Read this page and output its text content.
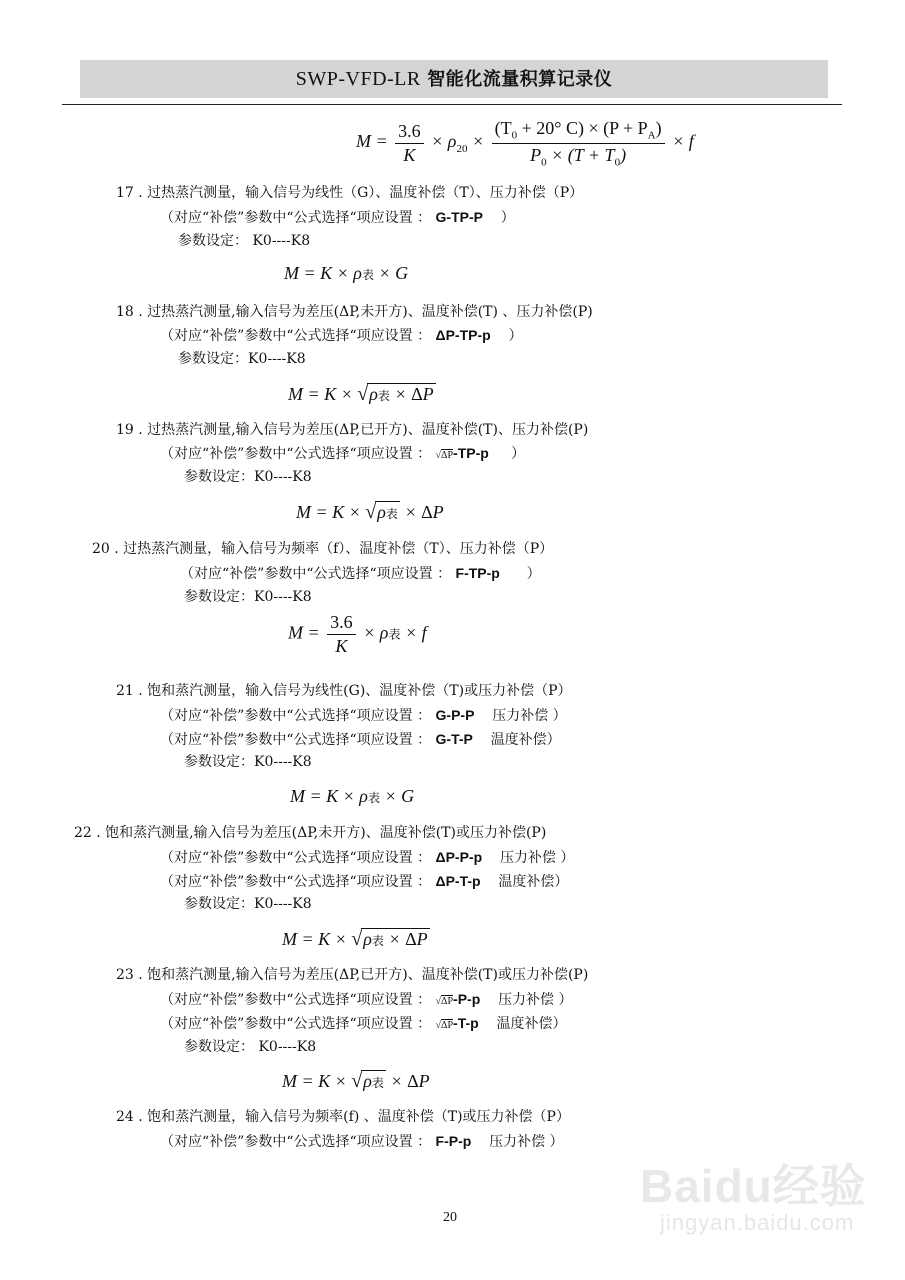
SWP-VFD-LR 智能化流量积算记录仪
$M = \frac{3.6}{K} \times \rho_{20} \times \frac{(T_0 + 20^\circ C) \times (P + P_A)}{P_0 \times (T + T_0)} \times f$
17 . 过热蒸汽测量，输入信号为线性（G）、温度补偿（T）、压力补偿（P）
（对应“补偿”参数中“公式选择“项应设置 ： G-TP-P ）
参数设定： K0----K8
M = K × ρ表 × G
18 . 过热蒸汽测量,输入信号为差压(ΔP,未开方)、温度补偿(T) 、压力补偿(P)
（对应“补偿”参数中“公式选择“项应设置 ： ΔP-TP-p ）
参数设定：K0----K8
M = K × √ρ表 × ΔP
19 . 过热蒸汽测量,输入信号为差压(ΔP,已开方)、温度补偿(T)、压力补偿(P)
（对应“补偿”参数中“公式选择“项应设置 ： √ΔP-TP-p ）
参数设定：K0----K8
M = K × √ρ表 × ΔP
20 . 过热蒸汽测量，输入信号为频率（f）、温度补偿（T）、压力补偿（P）
（对应“补偿”参数中“公式选择“项应设置 ： F-TP-p ）
参数设定：K0----K8
$M = \frac{3.6}{K} \times \rho$表 × f
21 . 饱和蒸汽测量，输入信号为线性(G)、温度补偿（T)或压力补偿（P）
（对应“补偿”参数中“公式选择“项应设置 ： G-P-P 压力补偿 ）
（对应“补偿”参数中“公式选择“项应设置 ： G-T-P 温度补偿）
参数设定：K0----K8
M = K × ρ表 × G
22 . 饱和蒸汽测量,输入信号为差压(ΔP,未开方)、温度补偿(T)或压力补偿(P)
（对应“补偿”参数中“公式选择“项应设置 ： ΔP-P-p 压力补偿 ）
（对应“补偿”参数中“公式选择“项应设置 ： ΔP-T-p 温度补偿）
参数设定：K0----K8
M = K × √ρ表 × ΔP
23 . 饱和蒸汽测量,输入信号为差压(ΔP,已开方)、温度补偿(T)或压力补偿(P)
（对应“补偿”参数中“公式选择“项应设置 ： √ΔP-P-p 压力补偿 ）
（对应“补偿”参数中“公式选择“项应设置 ： √ΔP-T-p 温度补偿）
参数设定： K0----K8
M = K × √ρ表 × ΔP
24 . 饱和蒸汽测量，输入信号为频率(f) 、温度补偿（T)或压力补偿（P）
（对应“补偿”参数中“公式选择“项应设置 ： F-P-p 压力补偿 ）
Baidu经验
jingyan.baidu.com
20
